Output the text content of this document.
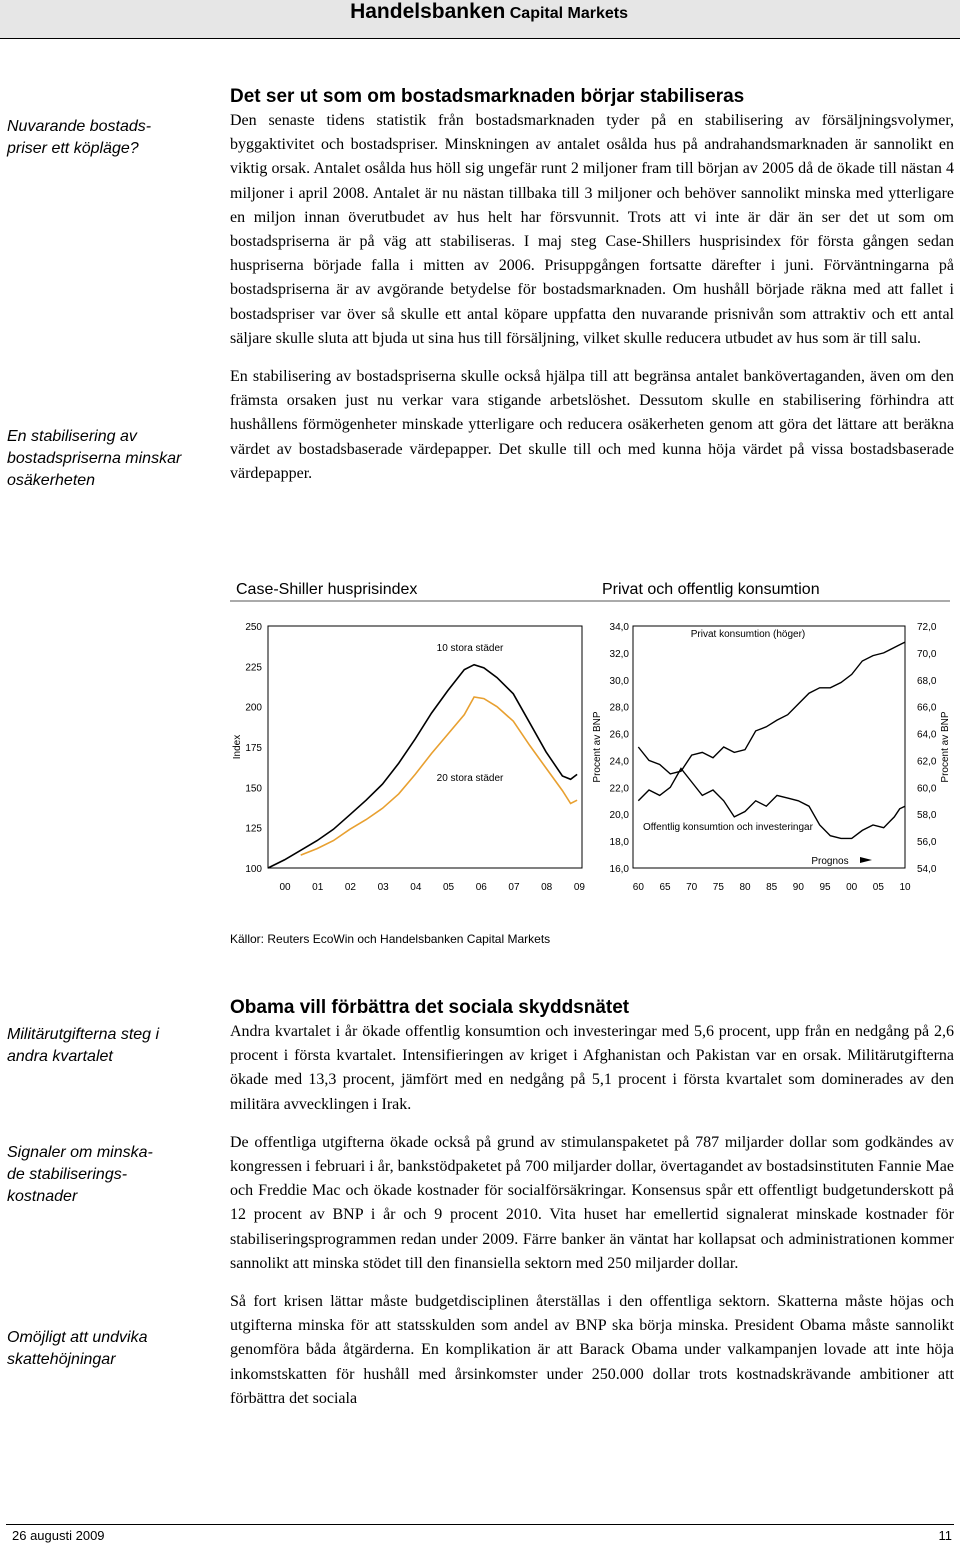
Handelsbanken Capital Markets

Nuvarande bostads- priser ett köpläge?

En stabilisering av bostadspriserna minskar osäkerheten

Militärutgifterna steg i andra kvartalet

Signaler om minska- de stabiliserings- kostnader

Omöjligt att undvika skattehöjningar

Det ser ut som om bostadsmarknaden börjar stabiliseras

Den senaste tidens statistik från bostadsmarknaden tyder på en stabilisering av försäljningsvolymer, byggaktivitet och bostadspriser. Minskningen av antalet osålda hus på andrahandsmarknaden är sannolikt en viktig orsak. Antalet osålda hus höll sig ungefär runt 2 miljoner fram till början av 2005 då de ökade till nästan 4 miljoner i april 2008. Antalet är nu nästan tillbaka till 3 miljoner och behöver sannolikt minska med ytterligare en miljon innan överutbudet av hus helt har försvunnit. Trots att vi inte är där än ser det ut som om bostadspriserna är på väg att stabiliseras. I maj steg Case-Shillers husprisindex för första gången sedan huspriserna började falla i mitten av 2006. Prisuppgången fortsatte därefter i juni. Förväntningarna på bostadspriserna är av avgörande betydelse för bostadsmarknaden. Om hushåll började räkna med att fallet i bostadspriser var över så skulle ett antal köpare uppfatta den nuvarande prisnivån som attraktiv och ett antal säljare skulle sluta att bjuda ut sina hus till försäljning, vilket skulle reducera utbudet av hus som är till salu.

En stabilisering av bostadspriserna skulle också hjälpa till att begränsa antalet bankövertaganden, även om den främsta orsaken just nu verkar vara stigande arbetslöshet. Dessutom skulle en stabilisering förhindra att hushållens förmögenheter minskade ytterligare och reducera osäkerheten genom att göra det lättare att beräkna värdet av bostadsbaserade värdepapper. Det skulle till och med kunna höja värdet på vissa bostadsbaserade värdepapper.

Case-Shiller husprisindex	Privat och offentlig konsumtion
250
225
200
175
150
125
100
00 01 02 03 04 05 06 07 08 09
Index
10 stora städer
20 stora städer
34,0
32,0
30,0
28,0
26,0
24,0
22,0
20,0
18,0
16,0
72,0
70,0
68,0
66,0
64,0
62,0
60,0
58,0
56,0
54,0
60 65 70 75 80 85 90 95 00 05 10
Procent av BNP	Procent av BNP
Privat konsumtion (höger)
Offentlig konsumtion och investeringar
Prognos
Källor: Reuters EcoWin och Handelsbanken Capital Markets
Obama vill förbättra det sociala skyddsnätet

Andra kvartalet i år ökade offentlig konsumtion och investeringar med 5,6 procent, upp från en nedgång på 2,6 procent i första kvartalet. Intensifieringen av kriget i Afghanistan och Pakistan var en orsak. Militärutgifterna ökade med 13,3 procent, jämfört med en nedgång på 5,1 procent i första kvartalet som dominerades av den militära avvecklingen i Irak.

De offentliga utgifterna ökade också på grund av stimulanspaketet på 787 miljarder dollar som godkändes av kongressen i februari i år, bankstödpaketet på 700 miljarder dollar, övertagandet av bostadsinstituten Fannie Mae och Freddie Mac och ökade kostnader för socialförsäkringar. Konsensus spår ett offentligt budgetunderskott på 12 procent av BNP i år och 9 procent 2010. Vita huset har emellertid signalerat minskade kostnader för stabiliseringsprogrammen redan under 2009. Färre banker än väntat har kollapsat och administrationen kommer sannolikt att minska stödet till den finansiella sektorn med 250 miljarder dollar.

Så fort krisen lättar måste budgetdisciplinen återställas i den offentliga sektorn. Skatterna måste höjas och utgifterna minska för att statsskulden som andel av BNP ska börja minska. President Obama måste sannolikt genomföra båda åtgärderna. En komplikation är att Barack Obama under valkampanjen lovade att inte höja inkomstskatten för hushåll med årsinkomster under 250.000 dollar trots kostnadskrävande ambitioner att förbättra det sociala

26 augusti 2009	11
